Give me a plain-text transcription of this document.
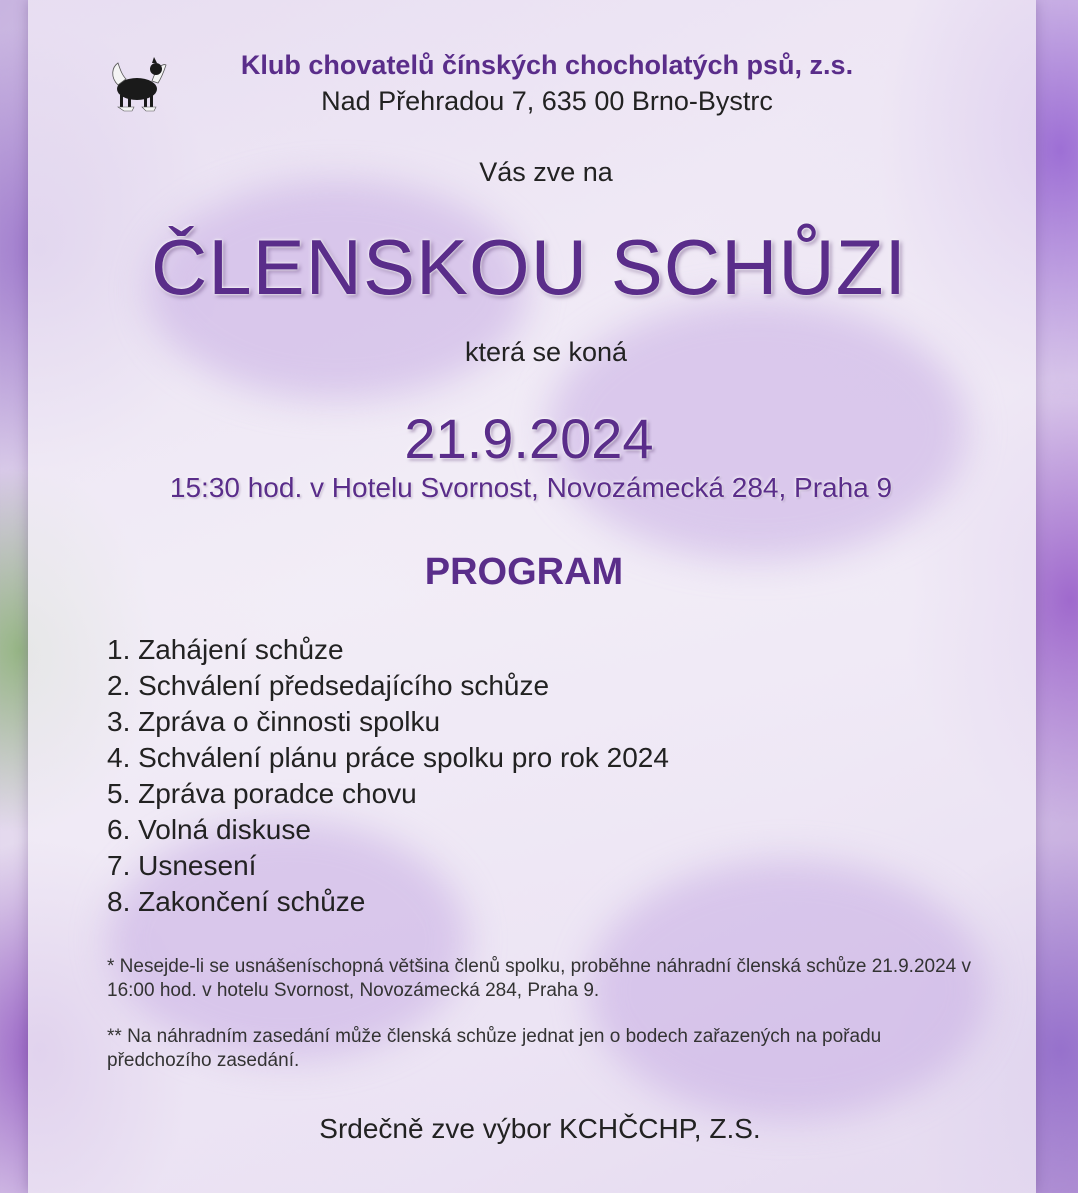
Klub chovatelů čínských chocholatých psů, z.s.
Nad Přehradou 7, 635 00 Brno-Bystrc
Vás zve na
ČLENSKOU SCHŮZI
která se koná
21.9.2024
15:30 hod. v Hotelu Svornost, Novozámecká 284, Praha 9
PROGRAM
1. Zahájení schůze
2. Schválení předsedajícího schůze
3. Zpráva o činnosti spolku
4. Schválení plánu práce spolku pro rok 2024
5. Zpráva poradce chovu
6. Volná diskuse
7. Usnesení
8. Zakončení schůze
* Nesejde-li se usnášeníschopná většina členů spolku, proběhne náhradní členská schůze 21.9.2024 v 16:00 hod. v hotelu Svornost, Novozámecká 284, Praha 9.
** Na náhradním zasedání může členská schůze jednat jen o bodech zařazených na pořadu předchozího zasedání.
Srdečně zve výbor KCHČCHP, Z.S.
